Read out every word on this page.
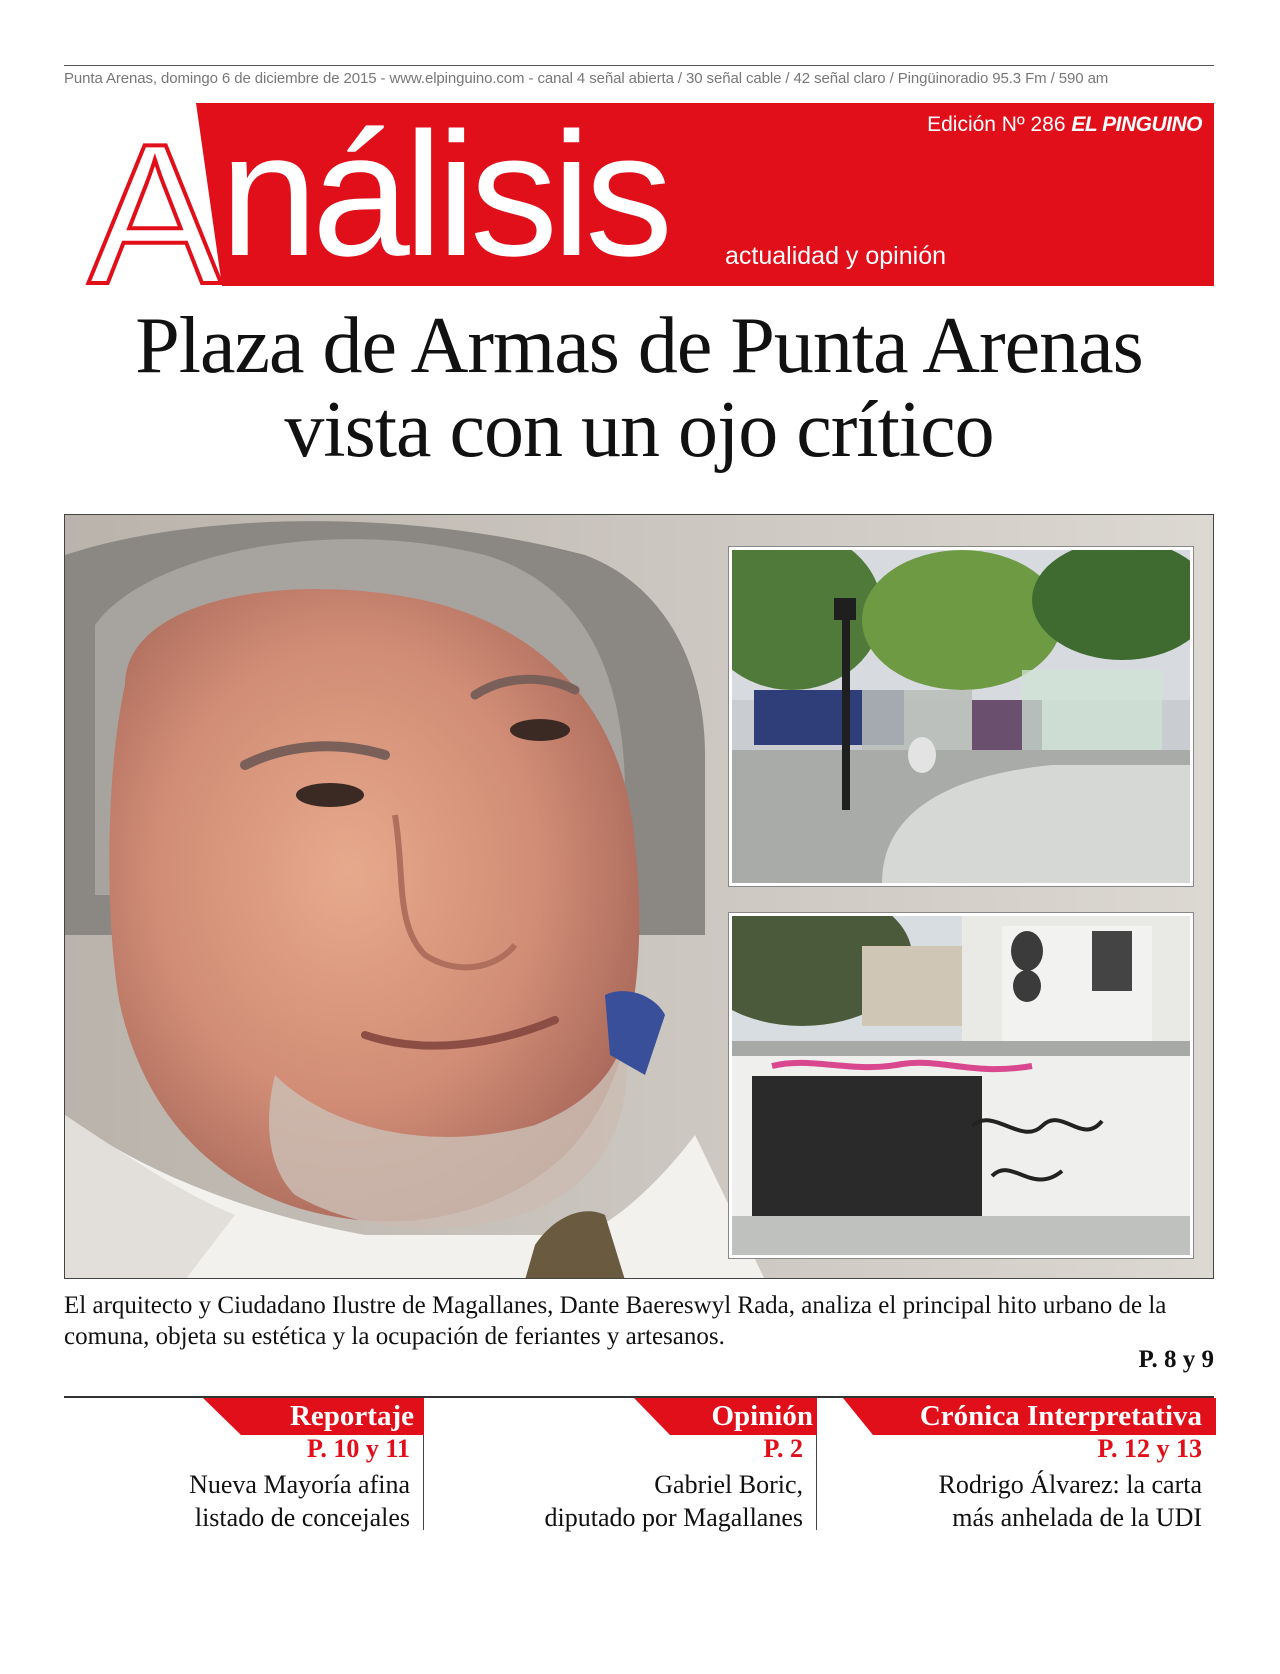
Punta Arenas, domingo 6 de diciembre de 2015 - www.elpinguino.com - canal 4 señal abierta / 30 señal cable / 42 señal claro / Pingüinoradio 95.3 Fm / 590 am
A
nálisis	Edición Nº 286 EL PINGUINO
actualidad y opinión
Plaza de Armas de Punta Arenas
vista con un ojo crítico
El arquitecto y Ciudadano Ilustre de Magallanes, Dante Baereswyl Rada, analiza el principal hito urbano de la comuna, objeta su estética y la ocupación de feriantes y artesanos.
P. 8 y 9
Reportaje
P. 10 y 11
Nueva Mayoría afina
listado de concejales
Opinión
P. 2
Gabriel Boric,
diputado por Magallanes
Crónica Interpretativa
P. 12 y 13
Rodrigo Álvarez: la carta
más anhelada de la UDI
